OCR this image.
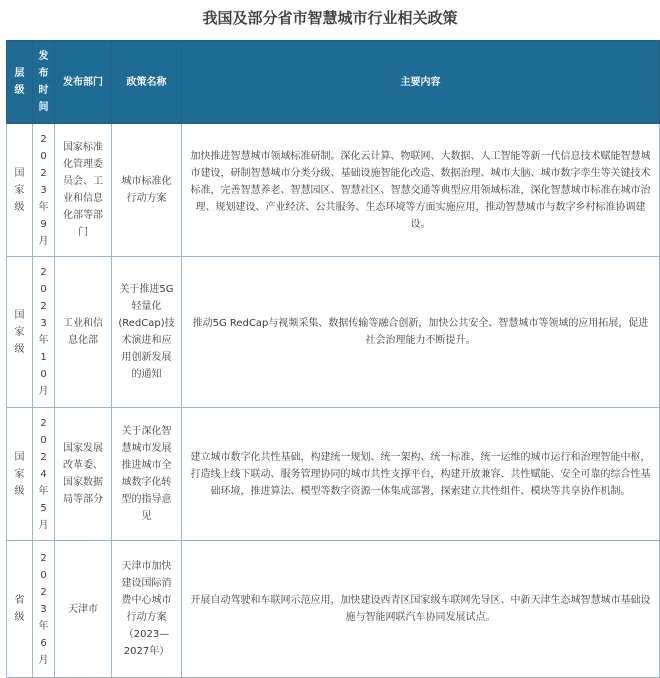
我国及部分省市智慧城市行业相关政策
层级	发布时间	发布部门	政策名称	主要内容

国家级	2023年9月	国家标准化管理委员会、工业和信息化部等部门	城市标准化行动方案	加快推进智慧城市领域标准研制。深化云计算、物联网、大数据、人工智能等新一代信息技术赋能智慧城市建设，研制智慧城市分类分级、基础设施智能化改造、数据治理、城市大脑、城市数字孪生等关键技术标准，完善智慧养老、智慧园区、智慧社区、智慧交通等典型应用领域标准，深化智慧城市标准在城市治理、规划建设、产业经济、公共服务、生态环境等方面实施应用，推动智慧城市与数字乡村标准协调建设。

国家级	2023年10月	工业和信息化部	关于推进5G轻量化(RedCap)技术演进和应用创新发展的通知	推动5G RedCap与视频采集、数据传输等融合创新，加快公共安全、智慧城市等领域的应用拓展，促进社会治理能力不断提升。

国家级	2024年5月	国家发展改革委、国家数据局等部分	关于深化智慧城市发展推进城市全域数字化转型的指导意见	建立城市数字化共性基础，构建统一规划、统一架构、统一标准、统一运维的城市运行和治理智能中枢，打造线上线下联动、服务管理协同的城市共性支撑平台，构建开放兼容、共性赋能、安全可靠的综合性基础环境，推进算法、模型等数字资源一体集成部署，探索建立共性组件、模块等共享协作机制。

省级	2023年6月	天津市	天津市加快建设国际消费中心城市行动方案（2023—2027年）	开展自动驾驶和车联网示范应用，加快建设西青区国家级车联网先导区、中新天津生态城智慧城市基础设施与智能网联汽车协同发展试点。
